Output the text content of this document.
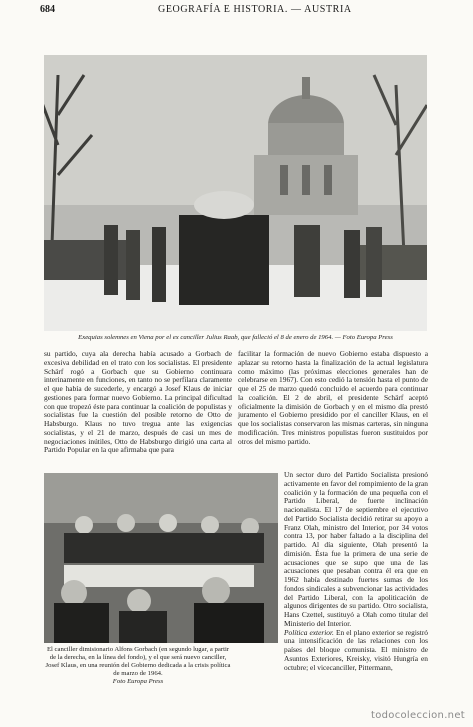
684	GEOGRAFÍA E HISTORIA. — AUSTRIA
Exequias solemnes en Viena por el ex canciller Julius Raab, que falleció el 8 de enero de 1964. — Foto Europa Press

su partido, cuya ala derecha había acusado a Gorbach de excesiva debilidad en el trato con los socialistas. El presidente Schärf rogó a Gorbach que su Gobierno continuara interinamente en funciones, en tanto no se perfilara claramente el que había de sucederle, y encargó a Josef Klaus de iniciar gestiones para formar nuevo Gobierno. La principal dificultad con que tropezó éste para continuar la coalición de populistas y socialistas fue la cuestión del posible retorno de Otto de Habsburgo. Klaus no tuvo tregua ante las exigencias socialistas, y el 21 de marzo, después de casi un mes de negociaciones inútiles, Otto de Habsburgo dirigió una carta al Partido Popular en la que afirmaba que para

facilitar la formación de nuevo Gobierno estaba dispuesto a aplazar su retorno hasta la finalización de la actual legislatura como máximo (las próximas elecciones generales han de celebrarse en 1967). Con esto cedió la tensión hasta el punto de que el 25 de marzo quedó concluido el acuerdo para continuar la coalición. El 2 de abril, el presidente Schärf aceptó oficialmente la dimisión de Gorbach y en el mismo día prestó juramento el Gobierno presidido por el canciller Klaus, en el que los socialistas conservaron las mismas carteras, sin ninguna modificación. Tres ministros populistas fueron sustituidos por otros del mismo partido.

Un sector duro del Partido Socialista presionó activamente en favor del rompimiento de la gran coalición y la formación de una pequeña con el Partido Liberal, de fuerte inclinación nacionalista. El 17 de septiembre el ejecutivo del Partido Socialista decidió retirar su apoyo a Franz Olah, ministro del Interior, por 34 votos contra 13, por haber faltado a la disciplina del partido. Al día siguiente, Olah presentó la dimisión. Ésta fue la primera de una serie de acusaciones que se supo que una de las acusaciones que pesaban contra él era que en 1962 había destinado fuertes sumas de los fondos sindicales a subvencionar las actividades del Partido Liberal, con la apoliticación de algunos dirigentes de su partido. Otro socialista, Hans Czettel, sustituyó a Olah como titular del Ministerio del Interior.

Política exterior. En el plano exterior se registró una intensificación de las relaciones con los países del bloque comunista. El ministro de Asuntos Exteriores, Kreisky, visitó Hungría en octubre; el vicecanciller, Pittermann,

El canciller dimisionario Alfons Gorbach (en segundo lugar, a partir de la derecha, en la línea del fondo), y el que será nuevo canciller, Josef Klaus, en una reunión del Gobierno dedicada a la crisis política de marzo de 1964.
Foto Europa Press
todocoleccion.net
